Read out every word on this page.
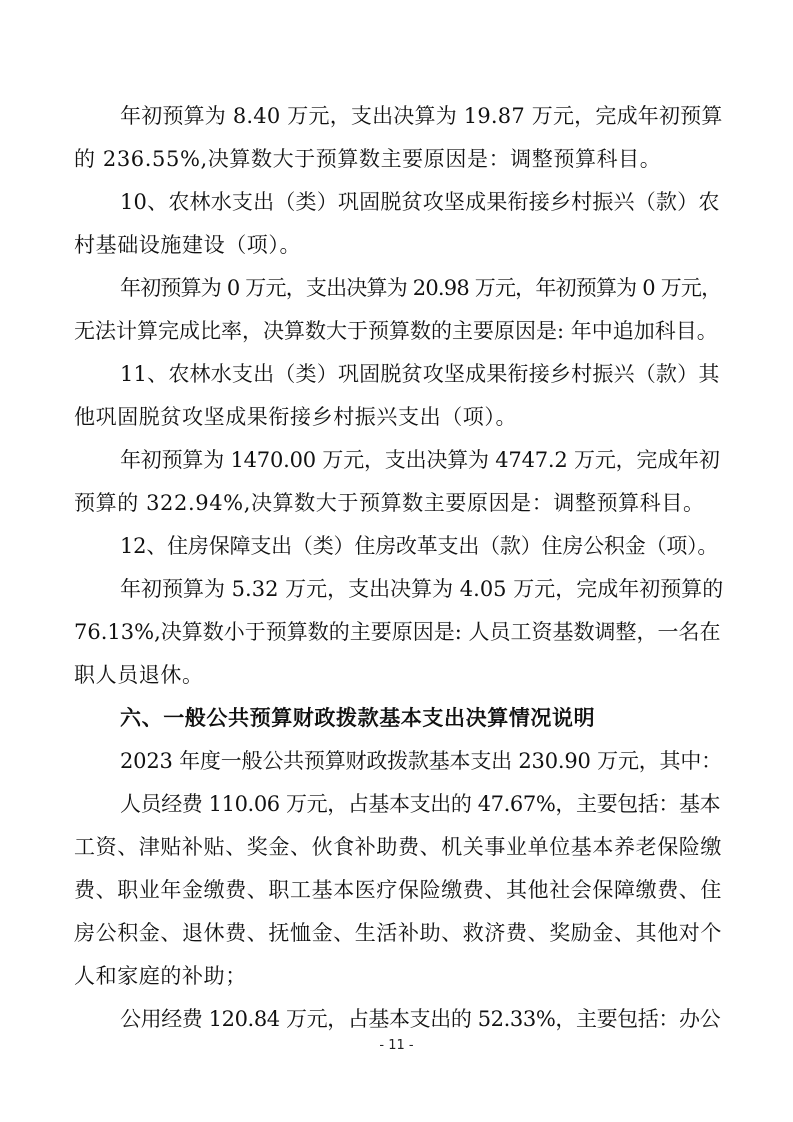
年初预算为 8.40 万元，支出决算为 19.87 万元，完成年初预算
的 236.55%,决算数大于预算数主要原因是：调整预算科目。
10、农林水支出（类）巩固脱贫攻坚成果衔接乡村振兴（款）农
村基础设施建设（项）。
年初预算为 0 万元，支出决算为 20.98 万元，年初预算为 0 万元，
无法计算完成比率，决算数大于预算数的主要原因是: 年中追加科目。
11、农林水支出（类）巩固脱贫攻坚成果衔接乡村振兴（款）其
他巩固脱贫攻坚成果衔接乡村振兴支出（项）。
年初预算为 1470.00 万元，支出决算为 4747.2 万元，完成年初
预算的 322.94%,决算数大于预算数主要原因是：调整预算科目。
12、住房保障支出（类）住房改革支出（款）住房公积金（项）。
年初预算为 5.32 万元，支出决算为 4.05 万元，完成年初预算的
76.13%,决算数小于预算数的主要原因是: 人员工资基数调整，一名在
职人员退休。
六、一般公共预算财政拨款基本支出决算情况说明
2023 年度一般公共预算财政拨款基本支出 230.90 万元，其中：
人员经费 110.06 万元，占基本支出的 47.67%，主要包括：基本
工资、津贴补贴、奖金、伙食补助费、机关事业单位基本养老保险缴
费、职业年金缴费、职工基本医疗保险缴费、其他社会保障缴费、住
房公积金、退休费、抚恤金、生活补助、救济费、奖励金、其他对个
人和家庭的补助；
公用经费 120.84 万元，占基本支出的 52.33%，主要包括：办公
- 11 -
